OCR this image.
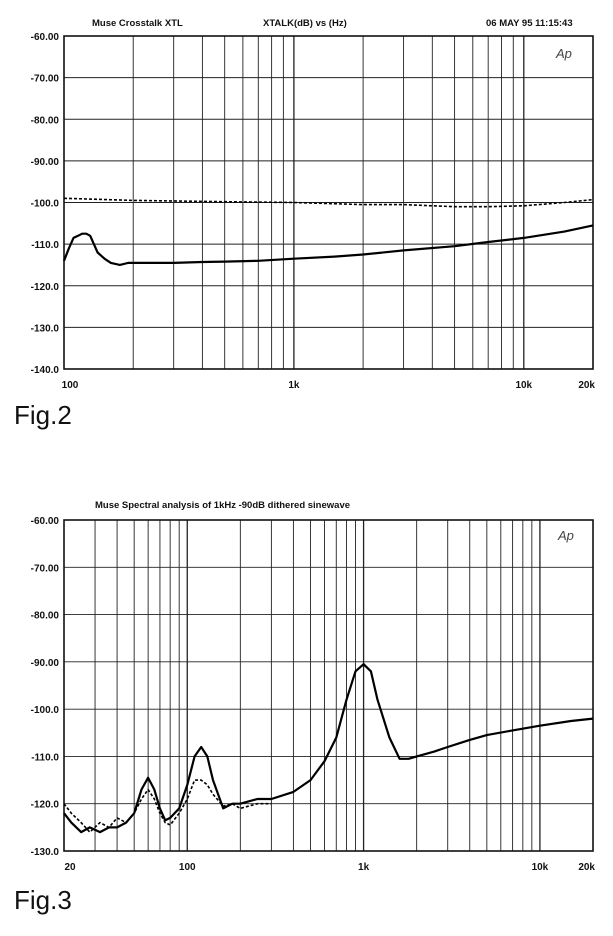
-60.00
-70.00
-80.00
-90.00
-100.0
-110.0
-120.0
-130.0
-140.0
100	1k	10k	20k
Muse Crosstalk XTL	XTALK(dB) vs (Hz)	06 MAY 95 11:15:43
Ap
-60.00
-70.00
-80.00
-90.00
-100.0
-110.0
-120.0
-130.0
20	100	1k	10k	20k
Muse Spectral analysis of 1kHz -90dB dithered sinewave
Ap
Fig.2
Fig.3
